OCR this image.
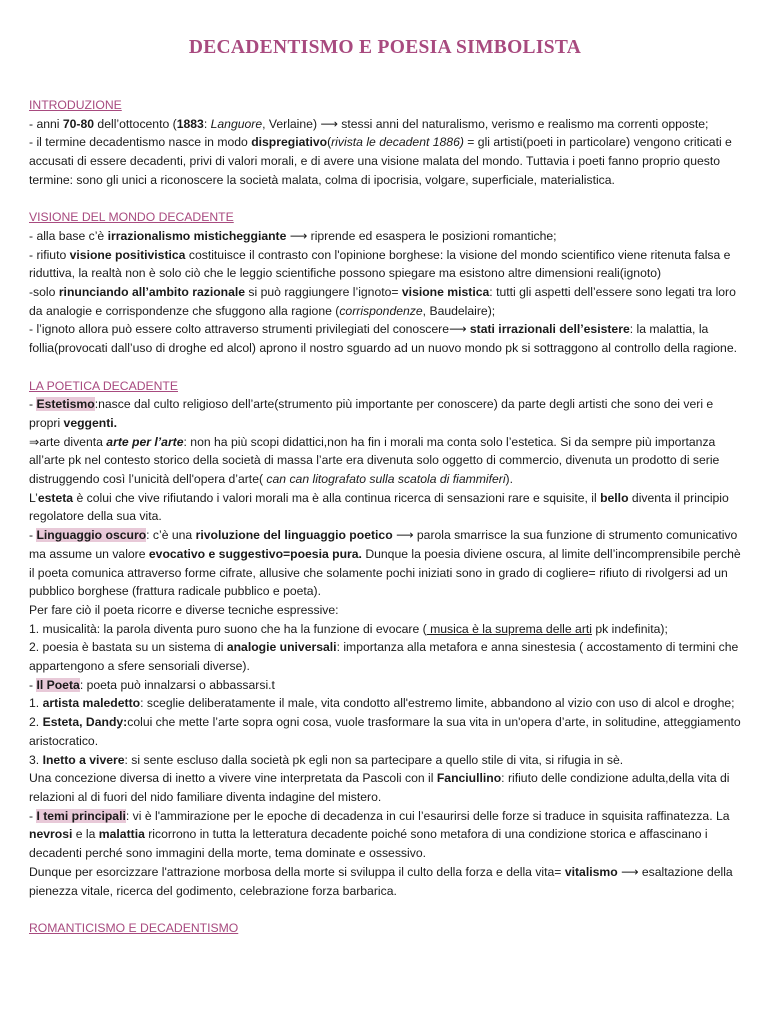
DECADENTISMO E POESIA SIMBOLISTA
INTRODUZIONE

- anni 70-80 dell’ottocento (1883: Languore, Verlaine) ⟶ stessi anni del naturalismo, verismo e realismo ma correnti opposte;

- il termine decadentismo nasce in modo dispregiativo(rivista le decadent 1886) = gli artisti(poeti in particolare) vengono criticati e accusati di essere decadenti, privi di valori morali, e di avere una visione malata del mondo. Tuttavia i poeti fanno proprio questo termine: sono gli unici a riconoscere la società malata, colma di ipocrisia, volgare, superficiale, materialistica.

VISIONE DEL MONDO DECADENTE

- alla base c’è irrazionalismo misticheggiante ⟶ riprende ed esaspera le posizioni romantiche;

- rifiuto visione positivistica costituisce il contrasto con l'opinione borghese: la visione del mondo scientifico viene ritenuta falsa e riduttiva, la realtà non è solo ciò che le leggio scientifiche possono spiegare ma esistono altre dimensioni reali(ignoto)

-solo rinunciando all’ambito razionale si può raggiungere l’ignoto= visione mistica: tutti gli aspetti dell’essere sono legati tra loro da analogie e corrispondenze che sfuggono alla ragione (corrispondenze, Baudelaire);

- l’ignoto allora può essere colto attraverso strumenti privilegiati del conoscere⟶ stati irrazionali dell’esistere: la malattia, la follia(provocati dall’uso di droghe ed alcol) aprono il nostro sguardo ad un nuovo mondo pk si sottraggono al controllo della ragione.

LA POETICA DECADENTE

- Estetismo:nasce dal culto religioso dell’arte(strumento più importante per conoscere) da parte degli artisti che sono dei veri e propri veggenti.

⇒arte diventa arte per l’arte: non ha più scopi didattici,non ha fin i morali ma conta solo l’estetica. Si da sempre più importanza all’arte pk nel contesto storico della società di massa l’arte era divenuta solo oggetto di commercio, divenuta un prodotto di serie distruggendo così l’unicità dell'opera d’arte( can can litografato sulla scatola di fiammiferi).

L’esteta è colui che vive rifiutando i valori morali ma è alla continua ricerca di sensazioni rare e squisite, il bello diventa il principio regolatore della sua vita.

- Linguaggio oscuro: c’è una rivoluzione del linguaggio poetico ⟶ parola smarrisce la sua funzione di strumento comunicativo ma assume un valore evocativo e suggestivo=poesia pura. Dunque la poesia diviene oscura, al limite dell’incomprensibile perchè il poeta comunica attraverso forme cifrate, allusive che solamente pochi iniziati sono in grado di cogliere= rifiuto di rivolgersi ad un pubblico borghese (frattura radicale pubblico e poeta).

Per fare ciò il poeta ricorre e diverse tecniche espressive:

1. musicalità: la parola diventa puro suono che ha la funzione di evocare ( musica è la suprema delle arti pk indefinita);

2. poesia è bastata su un sistema di analogie universali: importanza alla metafora e anna sinestesia ( accostamento di termini che appartengono a sfere sensoriali diverse).

- Il Poeta: poeta può innalzarsi o abbassarsi.t

1. artista maledetto: sceglie deliberatamente il male, vita condotto all'estremo limite, abbandono al vizio con uso di alcol e droghe;

2. Esteta, Dandy:colui che mette l’arte sopra ogni cosa, vuole trasformare la sua vita in un'opera d’arte, in solitudine, atteggiamento aristocratico.

3. Inetto a vivere: si sente escluso dalla società pk egli non sa partecipare a quello stile di vita, si rifugia in sè.

Una concezione diversa di inetto a vivere vine interpretata da Pascoli con il Fanciullino: rifiuto delle condizione adulta,della vita di relazioni al di fuori del nido familiare diventa indagine del mistero.

- I temi principali: vi è l'ammirazione per le epoche di decadenza in cui l’esaurirsi delle forze si traduce in squisita raffinatezza. La nevrosi e la malattia ricorrono in tutta la letteratura decadente poiché sono metafora di una condizione storica e affascinano i decadenti perché sono immagini della morte, tema dominate e ossessivo.

Dunque per esorcizzare l'attrazione morbosa della morte si sviluppa il culto della forza e della vita= vitalismo ⟶ esaltazione della pienezza vitale, ricerca del godimento, celebrazione forza barbarica.

ROMANTICISMO E DECADENTISMO
